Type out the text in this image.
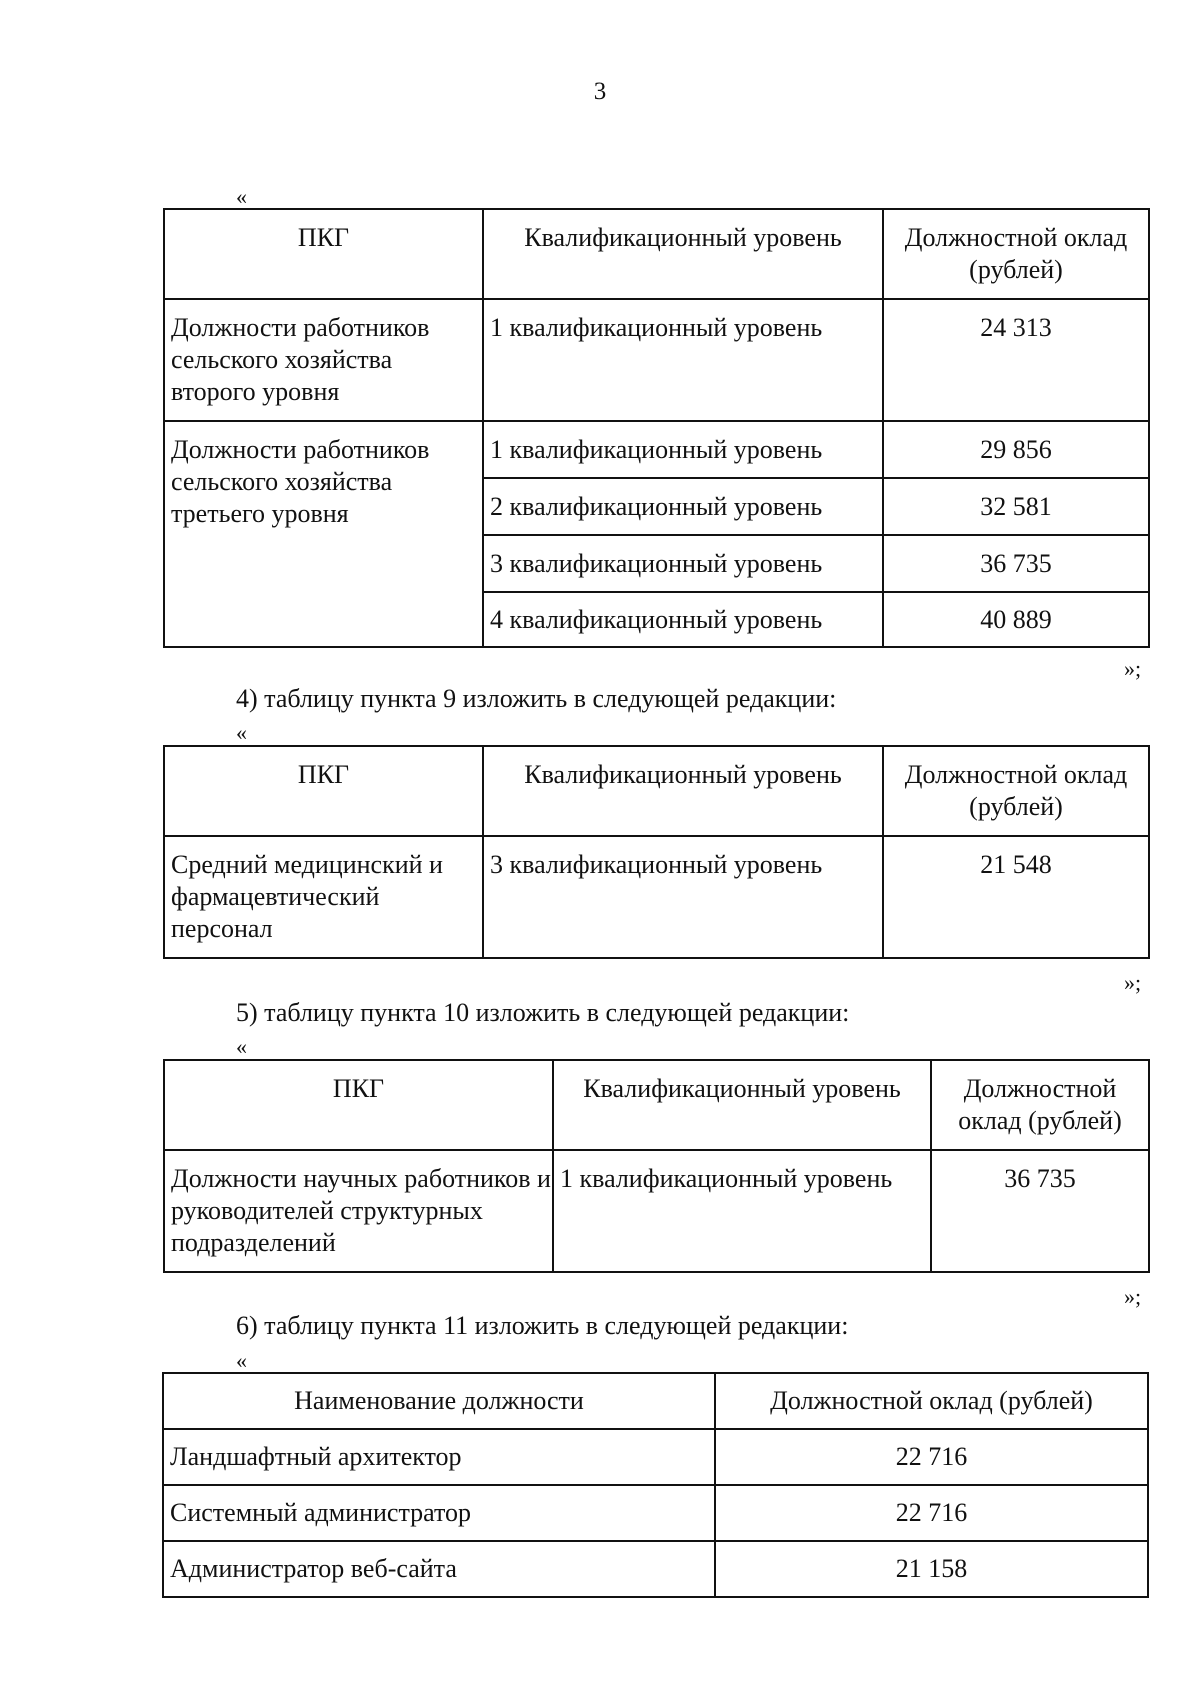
3
«
ПКГ	Квалификационный уровень	Должностной оклад (рублей)
Должности работников сельского хозяйства второго уровня	1 квалификационный уровень	24 313
Должности работников сельского хозяйства третьего уровня	1 квалификационный уровень	29 856
	2 квалификационный уровень	32 581
	3 квалификационный уровень	36 735
	4 квалификационный уровень	40 889
»;
4) таблицу пункта 9 изложить в следующей редакции:
«
ПКГ	Квалификационный уровень	Должностной оклад (рублей)
Средний медицинский и фармацевтический персонал	3 квалификационный уровень	21 548
»;
5) таблицу пункта 10 изложить в следующей редакции:
«
ПКГ	Квалификационный уровень	Должностной оклад (рублей)
Должности научных работников и руководителей структурных подразделений	1 квалификационный уровень	36 735
»;
6) таблицу пункта 11 изложить в следующей редакции:
«
Наименование должности	Должностной оклад (рублей)
Ландшафтный архитектор	22 716
Системный администратор	22 716
Администратор веб-сайта	21 158
